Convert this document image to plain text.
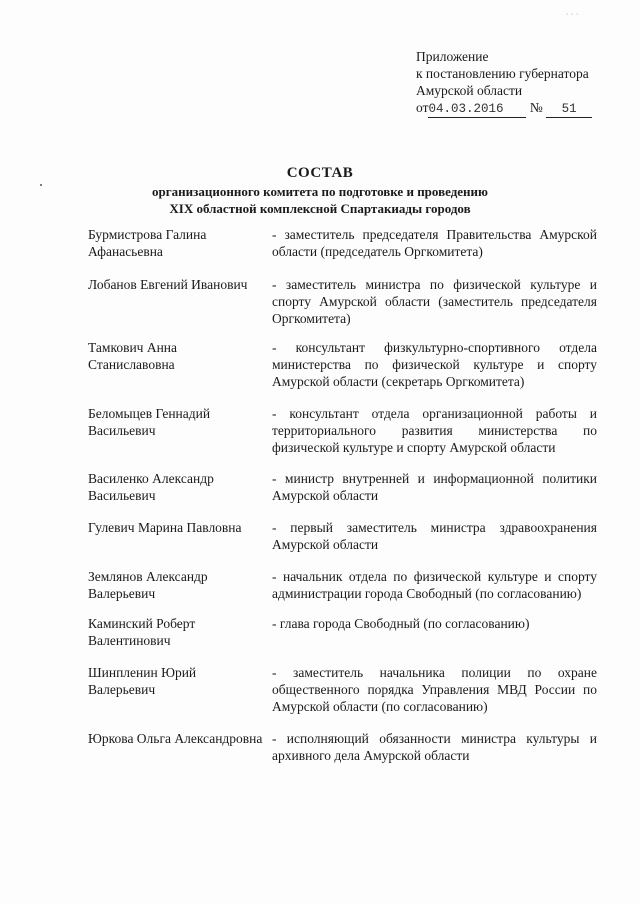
· · ·
Приложение
к постановлению губернатора
Амурской области
от04.03.2016 № 51
СОСТАВ
организационного комитета по подготовке и проведению
XIX областной комплексной Спартакиады городов
Бурмистрова Галина Афанасьевна
- заместитель председателя Правительства Амурской области (председатель Оргкомитета)
Лобанов Евгений Иванович	- заместитель министра по физической культуре и спорту Амурской области (заместитель председателя Оргкомитета)
Тамкович Анна Станиславовна
- консультант физкультурно-спортивного отдела министерства по физической культуре и спорту Амурской области (секретарь Оргкомитета)
Беломыцев Геннадий Васильевич
- консультант отдела организационной работы и территориального развития министерства по физической культуре и спорту Амурской области
Василенко Александр Васильевич
- министр внутренней и информационной политики Амурской области
Гулевич Марина Павловна	- первый заместитель министра здравоохранения Амурской области
Землянов Александр Валерьевич
- начальник отдела по физической культуре и спорту администрации города Свободный (по согласованию)
Каминский Роберт Валентинович
- глава города Свободный (по согласованию)
Шинпленин Юрий Валерьевич
- заместитель начальника полиции по охране общественного порядка Управления МВД России по Амурской области (по согласованию)
Юркова Ольга Александровна - исполняющий обязанности министра культуры и архивного дела Амурской области
